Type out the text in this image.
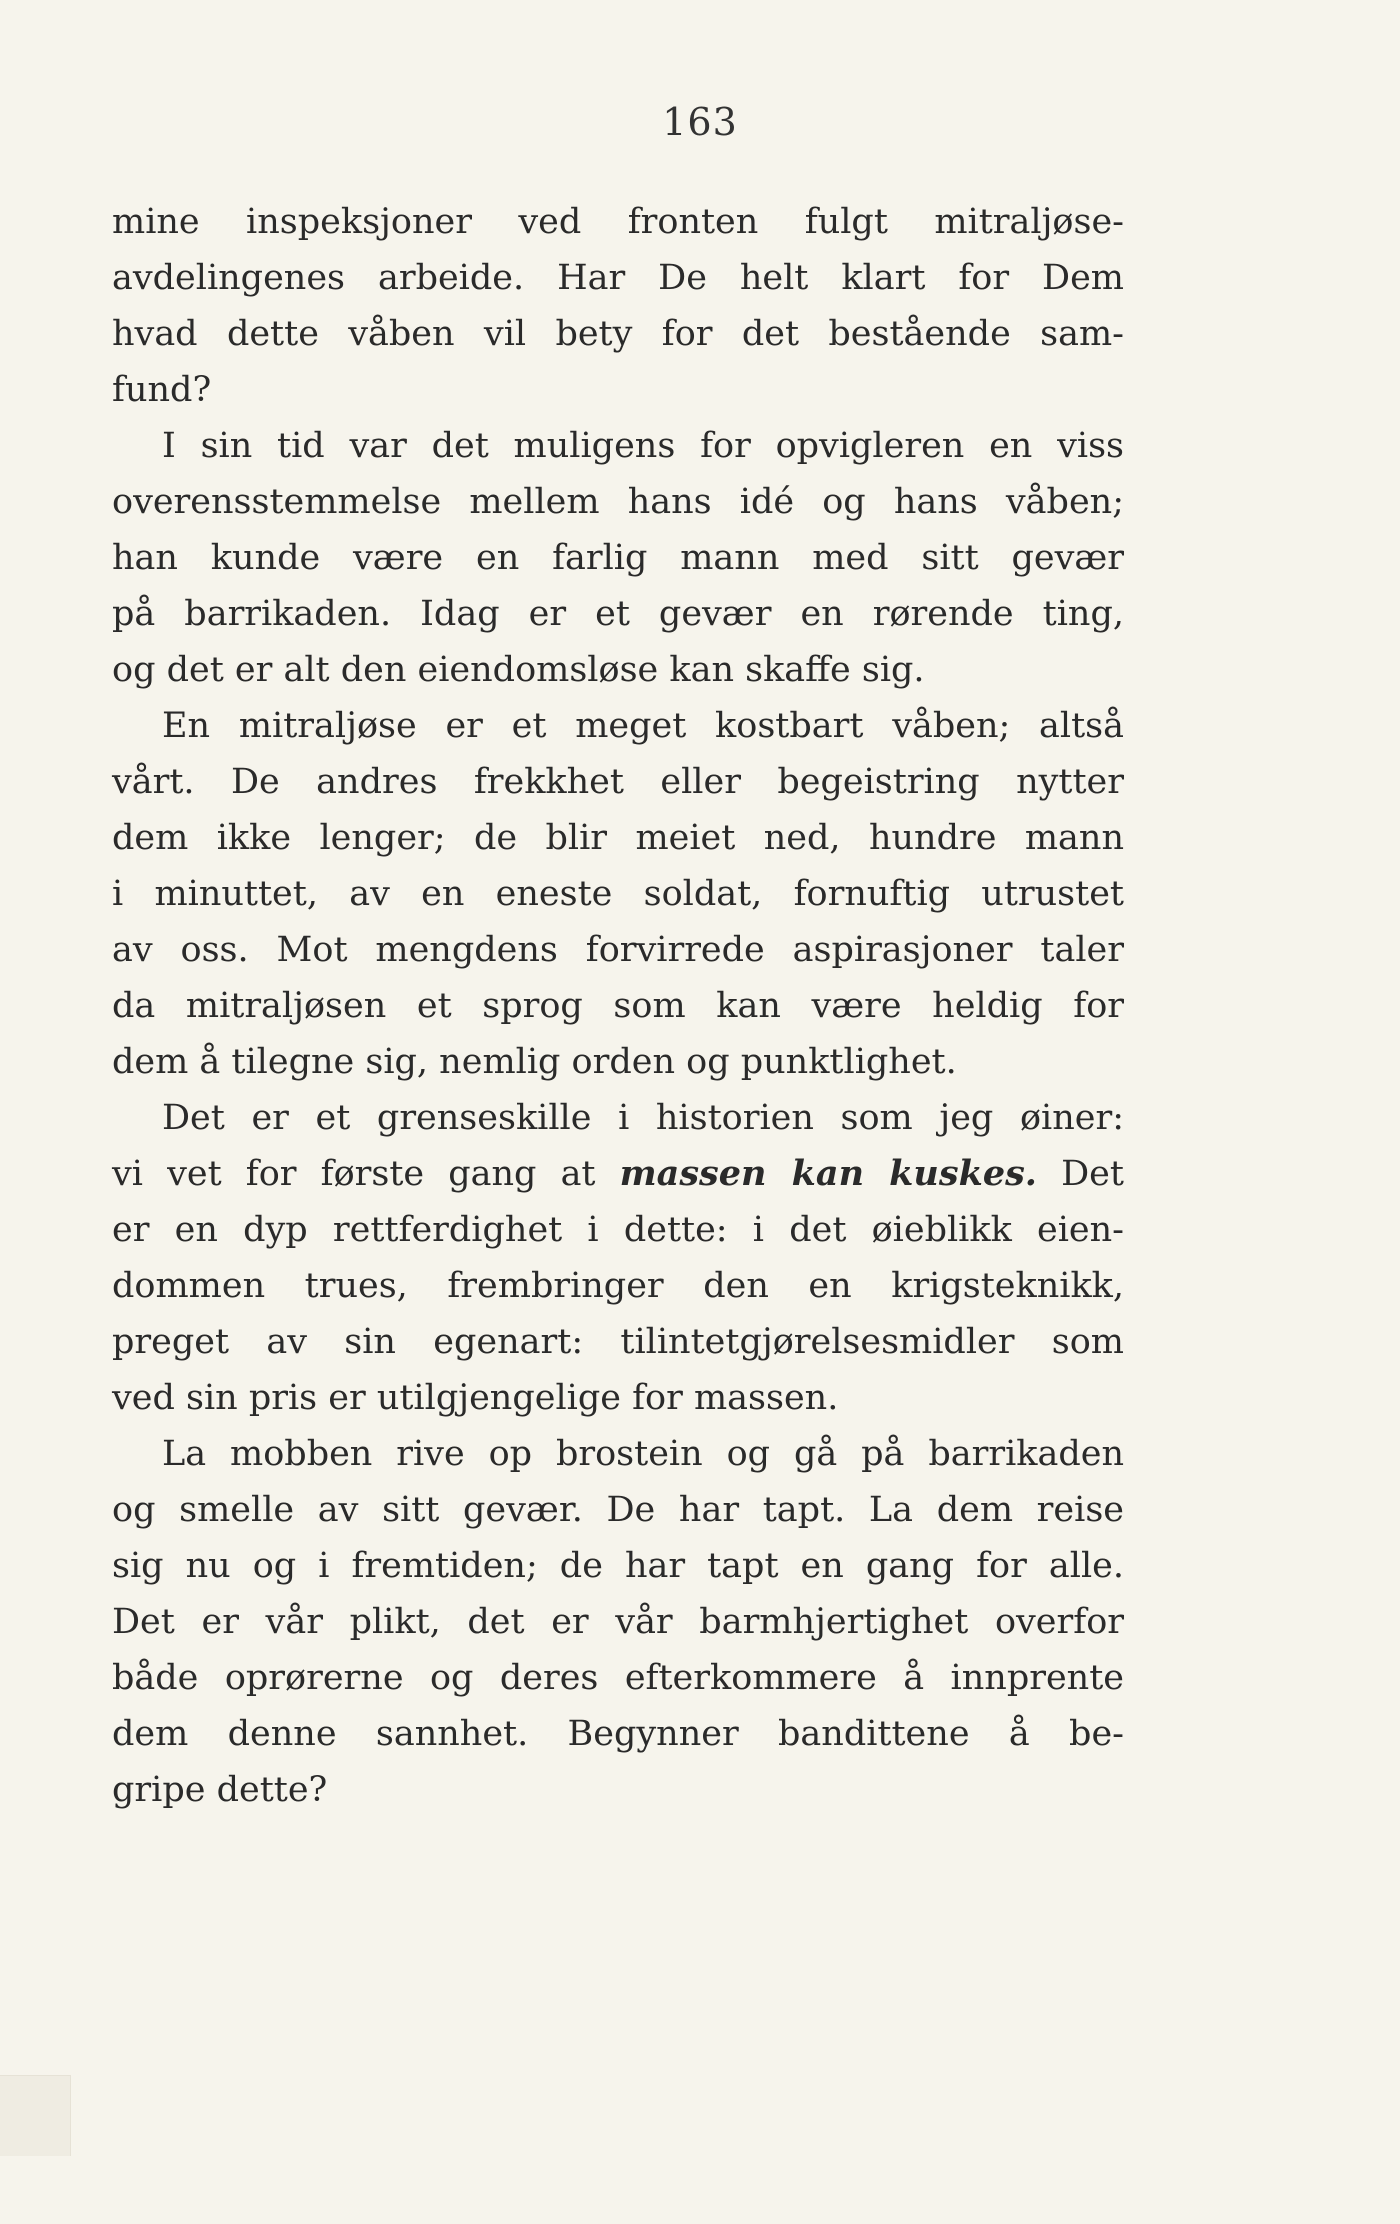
163
mine inspeksjoner ved fronten fulgt mitraljøse-
avdelingenes arbeide. Har De helt klart for Dem
hvad dette våben vil bety for det bestående sam-
fund?
I sin tid var det muligens for opvigleren en viss
overensstemmelse mellem hans idé og hans våben;
han kunde være en farlig mann med sitt gevær
på barrikaden. Idag er et gevær en rørende ting,
og det er alt den eiendomsløse kan skaffe sig.
En mitraljøse er et meget kostbart våben; altså
vårt. De andres frekkhet eller begeistring nytter
dem ikke lenger; de blir meiet ned, hundre mann
i minuttet, av en eneste soldat, fornuftig utrustet
av oss. Mot mengdens forvirrede aspirasjoner taler
da mitraljøsen et sprog som kan være heldig for
dem å tilegne sig, nemlig orden og punktlighet.
Det er et grenseskille i historien som jeg øiner:
vi vet for første gang at massen kan kuskes. Det
er en dyp rettferdighet i dette: i det øieblikk eien-
dommen trues, frembringer den en krigsteknikk,
preget av sin egenart: tilintetgjørelsesmidler som
ved sin pris er utilgjengelige for massen.
La mobben rive op brostein og gå på barrikaden
og smelle av sitt gevær. De har tapt. La dem reise
sig nu og i fremtiden; de har tapt en gang for alle.
Det er vår plikt, det er vår barmhjertighet overfor
både oprørerne og deres efterkommere å innprente
dem denne sannhet. Begynner bandittene å be-
gripe dette?
